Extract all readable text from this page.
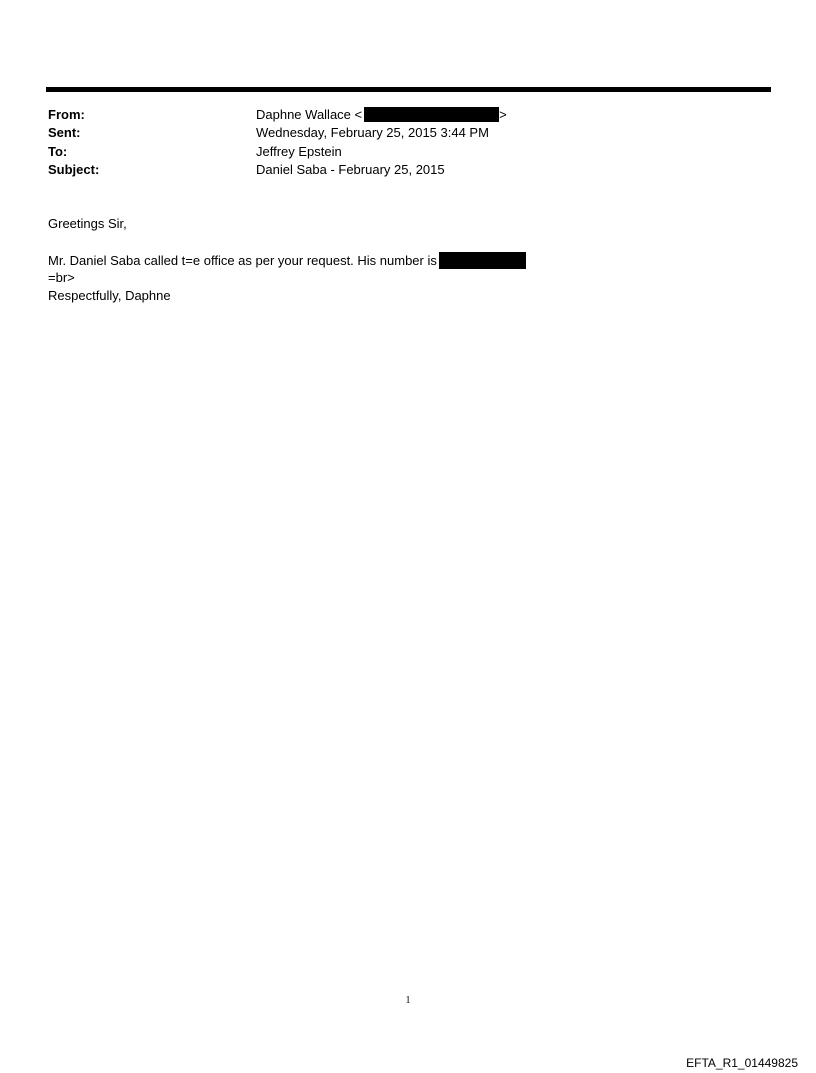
From:	Daphne Wallace <	>
Sent:	Wednesday, February 25, 2015 3:44 PM
To:	Jeffrey Epstein
Subject:	Daniel Saba - February 25, 2015
Greetings Sir,
Mr. Daniel Saba called t=e office as per your request. His number is
=br>
Respectfully, Daphne
1
EFTA_R1_01449825
